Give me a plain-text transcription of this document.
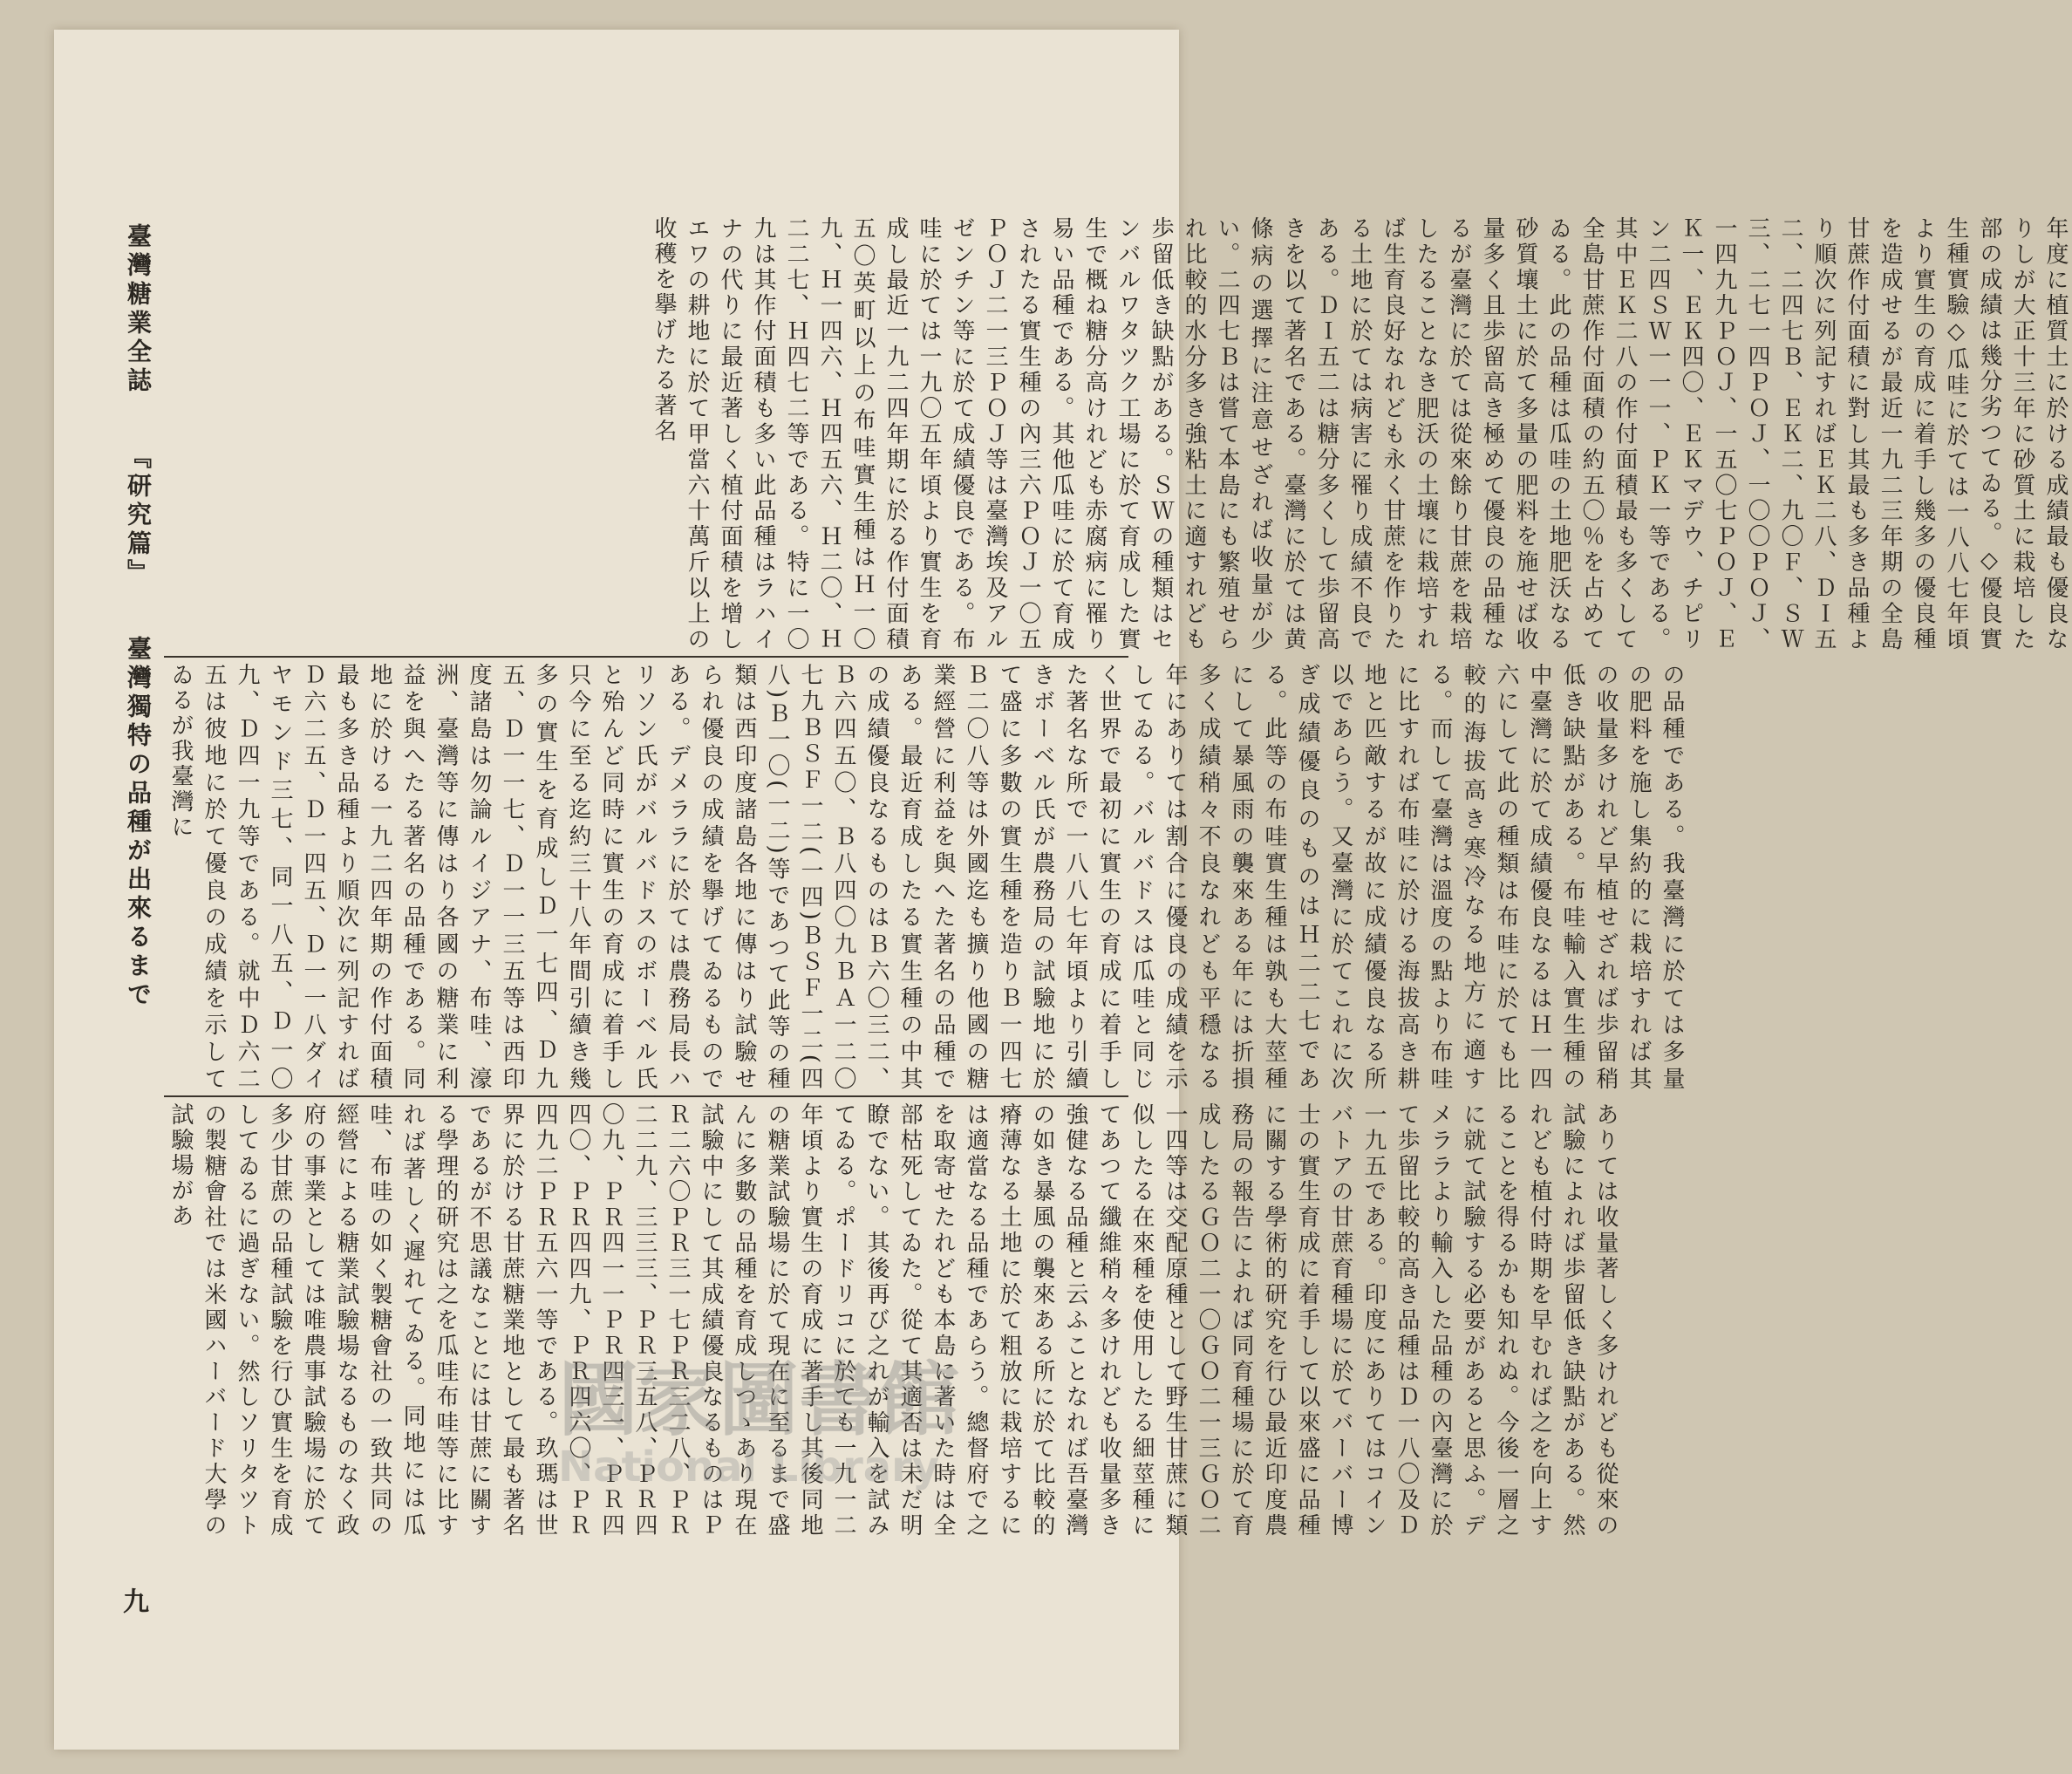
年度に植質土に於ける成績最も優良なりしが大正十三年に砂質土に栽培した部の成績は幾分劣つてゐる。◇優良實生種實驗◇瓜哇に於ては一八八七年頃より實生の育成に着手し幾多の優良種を造成せるが最近一九二三年期の全島甘蔗作付面積に對し其最も多き品種より順次に列記すればＥＫ二八、ＤＩ五二、二四七Ｂ、ＥＫ二、九〇Ｆ、ＳＷ三、二七一四ＰＯＪ、一〇〇ＰＯＪ、一四九九ＰＯＪ、一五〇七ＰＯＪ、ＥＫ一、ＥＫ四〇、ＥＫマデウ、チピリン二四ＳＷ一一一、ＰＫ一等である。其中ＥＫ二八の作付面積最も多くして全島甘蔗作付面積の約五〇％を占めてゐる。此の品種は瓜哇の土地肥沃なる砂質壤土に於て多量の肥料を施せば收量多く且歩留高き極めて優良の品種なるが臺灣に於ては從來餘り甘蔗を栽培したることなき肥沃の土壤に栽培すれば生育良好なれども永く甘蔗を作りたる土地に於ては病害に罹り成績不良である。ＤＩ五二は糖分多くして歩留高きを以て著名である。臺灣に於ては黄條病の選擇に注意せざれば收量が少い。二四七Ｂは嘗て本島にも繁殖せられ比較的水分多き強粘土に適すれども歩留低き缺點がある。ＳＷの種類はセンバルワタツク工場に於て育成した實生で概ね糖分高けれども赤腐病に罹り易い品種である。其他瓜哇に於て育成されたる實生種の內三六ＰＯＪ一〇五ＰＯＪ二一三ＰＯＪ等は臺灣埃及アルゼンチン等に於て成績優良である。布哇に於ては一九〇五年頃より實生を育成し最近一九二四年期に於る作付面積五〇英町以上の布哇實生種はＨ一〇九、Ｈ一四六、Ｈ四五六、Ｈ二〇、Ｈ二二七、Ｈ四七二等である。特に一〇九は其作付面積も多い此品種はラハイナの代りに最近著しく植付面積を增しエワの耕地に於て甲當六十萬斤以上の收穫を擧げたる著名
の品種である。我臺灣に於ては多量の肥料を施し集約的に栽培すれば其の收量多けれど早植せざれば歩留稍低き缺點がある。布哇輸入實生種の中臺灣に於て成績優良なるはＨ一四六にして此の種類は布哇に於ても比較的海拔高き寒冷なる地方に適する。而して臺灣は溫度の點より布哇に比すれば布哇に於ける海拔高き耕地と匹敵するが故に成績優良なる所以であらう。又臺灣に於てこれに次ぎ成績優良のものはＨ二二七である。此等の布哇實生種は孰も大莖種にして暴風雨の襲來ある年には折損多く成績稍々不良なれども平穩なる年にありては割合に優良の成績を示してゐる。バルバドスは瓜哇と同じく世界で最初に實生の育成に着手した著名な所で一八八七年頃より引續きボーベル氏が農務局の試驗地に於て盛に多數の實生種を造りＢ一四七Ｂ二〇八等は外國迄も擴り他國の糖業經營に利益を與へた著名の品種である。最近育成したる實生種の中其の成績優良なるものはＢ六〇三二、Ｂ六四五〇、Ｂ八四〇九ＢＡ一二〇七九ＢＳＦ一二(一四)ＢＳＦ一二(四八)Ｂ一〇(一二)等であつて此等の種類は西印度諸島各地に傳はり試驗せられ優良の成績を擧げてゐるものである。デメララに於ては農務局長ハリソン氏がバルバドスのボーベル氏と殆んど同時に實生の育成に着手し只今に至る迄約三十八年間引續き幾多の實生を育成しＤ一七四、Ｄ九五、Ｄ一一七、Ｄ一一三五等は西印度諸島は勿論ルイジアナ、布哇、濠洲、臺灣等に傳はり各國の糖業に利益を與へたる著名の品種である。同地に於ける一九二四年期の作付面積最も多き品種より順次に列記すればＤ六二五、Ｄ一四五、Ｄ一一八ダイヤモンド三七、同一八五、Ｄ一〇九、Ｄ四一九等である。就中Ｄ六二五は彼地に於て優良の成績を示してゐるが我臺灣に
ありては收量著しく多けれども從來の試驗によれば歩留低き缺點がある。然れども植付時期を早むれば之を向上することを得るかも知れぬ。今後一層之に就て試驗する必要があると思ふ。デメララより輸入した品種の內臺灣に於て歩留比較的高き品種はＤ一八〇及Ｄ一九五である。印度にありてはコインバトアの甘蔗育種場に於てバーバー博士の實生育成に着手して以來盛に品種に關する學術的研究を行ひ最近印度農務局の報告によれば同育種場に於て育成したるＧＯ二一〇ＧＯ二一三ＧＯ二一四等は交配原種として野生甘蔗に類似したる在來種を使用したる細莖種にてあつて纖維稍々多けれども收量多き強健なる品種と云ふことなれば吾臺灣の如き暴風の襲來ある所に於て比較的瘠薄なる土地に於て粗放に栽培するには適當なる品種であらう。總督府で之を取寄せたれども本島に著いた時は全部枯死してゐた。從て其適否は未だ明瞭でない。其後再び之れが輸入を試みてゐる。ポードリコに於ても一九一二年頃より實生の育成に著手し其後同地の糖業試驗場に於て現在に至るまで盛んに多數の品種を育成しつゝあり現在試驗中にして其成績優良なるものはＰＲ二六〇ＰＲ三一七ＰＲ三二八、ＰＲ二二九、三三三、ＰＲ三五八、ＰＲ四〇九、ＰＲ四一一ＰＲ四三一、ＰＲ四四〇、ＰＲ四四九、ＰＲ四六〇、ＰＲ四九二ＰＲ五六一等である。玖瑪は世界に於ける甘蔗糖業地として最も著名であるが不思議なことには甘蔗に關する學理的研究は之を瓜哇布哇等に比すれば著しく遲れてゐる。同地には瓜哇、布哇の如く製糖會社の一致共同の經營による糖業試驗場なるものなく政府の事業としては唯農事試驗場に於て多少甘蔗の品種試驗を行ひ實生を育成してゐるに過ぎない。然しソリタツトの製糖會社では米國ハーバード大學の試驗場があ
臺灣糖業全誌 『研究篇』 臺灣獨特の品種が出來るまで
九
國家圖書館
National Library
